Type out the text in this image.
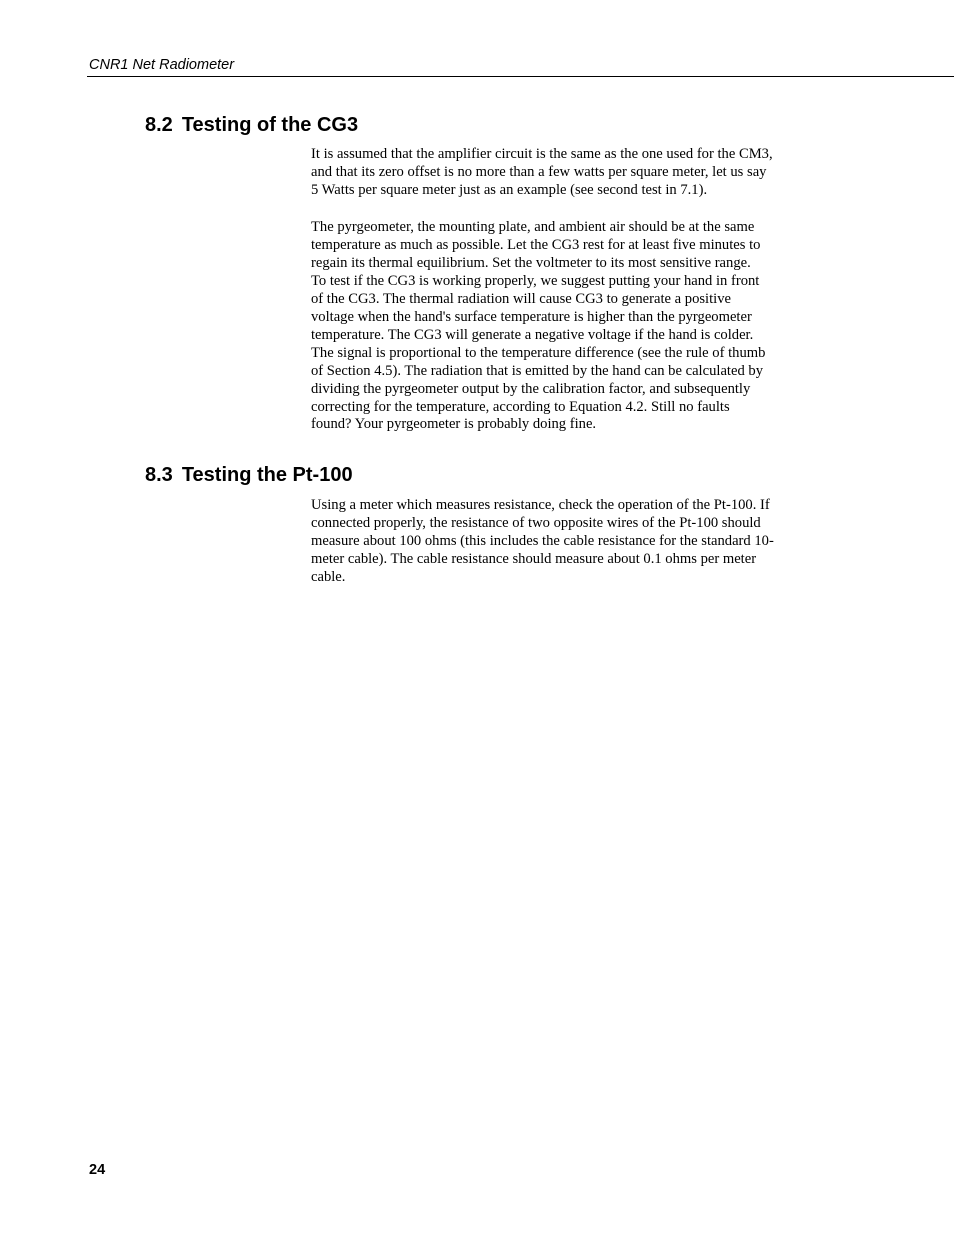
CNR1 Net Radiometer
8.2 Testing of the CG3

It is assumed that the amplifier circuit is the same as the one used for the CM3,
and that its zero offset is no more than a few watts per square meter, let us say
5 Watts per square meter just as an example (see second test in 7.1).

The pyrgeometer, the mounting plate, and ambient air should be at the same
temperature as much as possible. Let the CG3 rest for at least five minutes to
regain its thermal equilibrium. Set the voltmeter to its most sensitive range.
To test if the CG3 is working properly, we suggest putting your hand in front
of the CG3. The thermal radiation will cause CG3 to generate a positive
voltage when the hand's surface temperature is higher than the pyrgeometer
temperature. The CG3 will generate a negative voltage if the hand is colder.
The signal is proportional to the temperature difference (see the rule of thumb
of Section 4.5). The radiation that is emitted by the hand can be calculated by
dividing the pyrgeometer output by the calibration factor, and subsequently
correcting for the temperature, according to Equation 4.2. Still no faults
found? Your pyrgeometer is probably doing fine.

8.3 Testing the Pt-100

Using a meter which measures resistance, check the operation of the Pt-100. If
connected properly, the resistance of two opposite wires of the Pt-100 should
measure about 100 ohms (this includes the cable resistance for the standard 10-
meter cable). The cable resistance should measure about 0.1 ohms per meter
cable.

24
